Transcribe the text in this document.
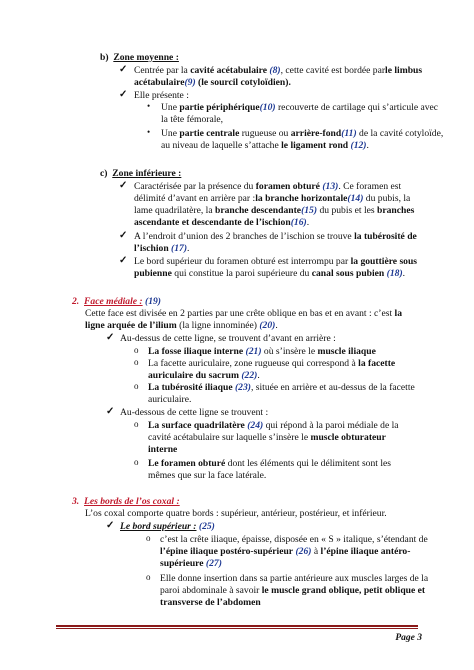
b) Zone moyenne :
✓ Centrée par la cavité acétabulaire (8), cette cavité est bordée parle limbus
acétabulaire(9) (le sourcil cotyloïdien).
✓ Elle présente :
• Une partie périphérique(10) recouverte de cartilage qui s’articule avec
la tête fémorale,
• Une partie centrale rugueuse ou arrière-fond(11) de la cavité cotyloïde,
au niveau de laquelle s’attache le ligament rond (12).
c) Zone inférieure :
✓ Caractérisée par la présence du foramen obturé (13). Ce foramen est
délimité d’avant en arrière par :la branche horizontale(14) du pubis, la
lame quadrilatère, la branche descendante(15) du pubis et les branches
ascendante et descendante de l’ischion(16).
✓ A l’endroit d’union des 2 branches de l’ischion se trouve la tubérosité de
l’ischion (17).
✓ Le bord supérieur du foramen obturé est interrompu par la gouttière sous
pubienne qui constitue la paroi supérieure du canal sous pubien (18).
2. Face médiale : (19)
Cette face est divisée en 2 parties par une crête oblique en bas et en avant : c’est la
ligne arquée de l’ilium (la ligne innominée) (20).
✓ Au-dessus de cette ligne, se trouvent d’avant en arrière :
o La fosse iliaque interne (21) où s’insère le muscle iliaque
o La facette auriculaire, zone rugueuse qui correspond à la facette
auriculaire du sacrum (22).
o La tubérosité iliaque (23), située en arrière et au-dessus de la facette
auriculaire.
✓ Au-dessous de cette ligne se trouvent :
o La surface quadrilatère (24) qui répond à la paroi médiale de la
cavité acétabulaire sur laquelle s’insère le muscle obturateur
interne
o Le foramen obturé dont les éléments qui le délimitent sont les
mêmes que sur la face latérale.
3. Les bords de l’os coxal :
L’os coxal comporte quatre bords : supérieur, antérieur, postérieur, et inférieur.
✓ Le bord supérieur : (25)
o c’est la crête iliaque, épaisse, disposée en « S » italique, s’étendant de
l’épine iliaque postéro-supérieur (26) à l’épine iliaque antéro-
supérieure (27)
o Elle donne insertion dans sa partie antérieure aux muscles larges de la
paroi abdominale à savoir le muscle grand oblique, petit oblique et
transverse de l’abdomen
Page 3
